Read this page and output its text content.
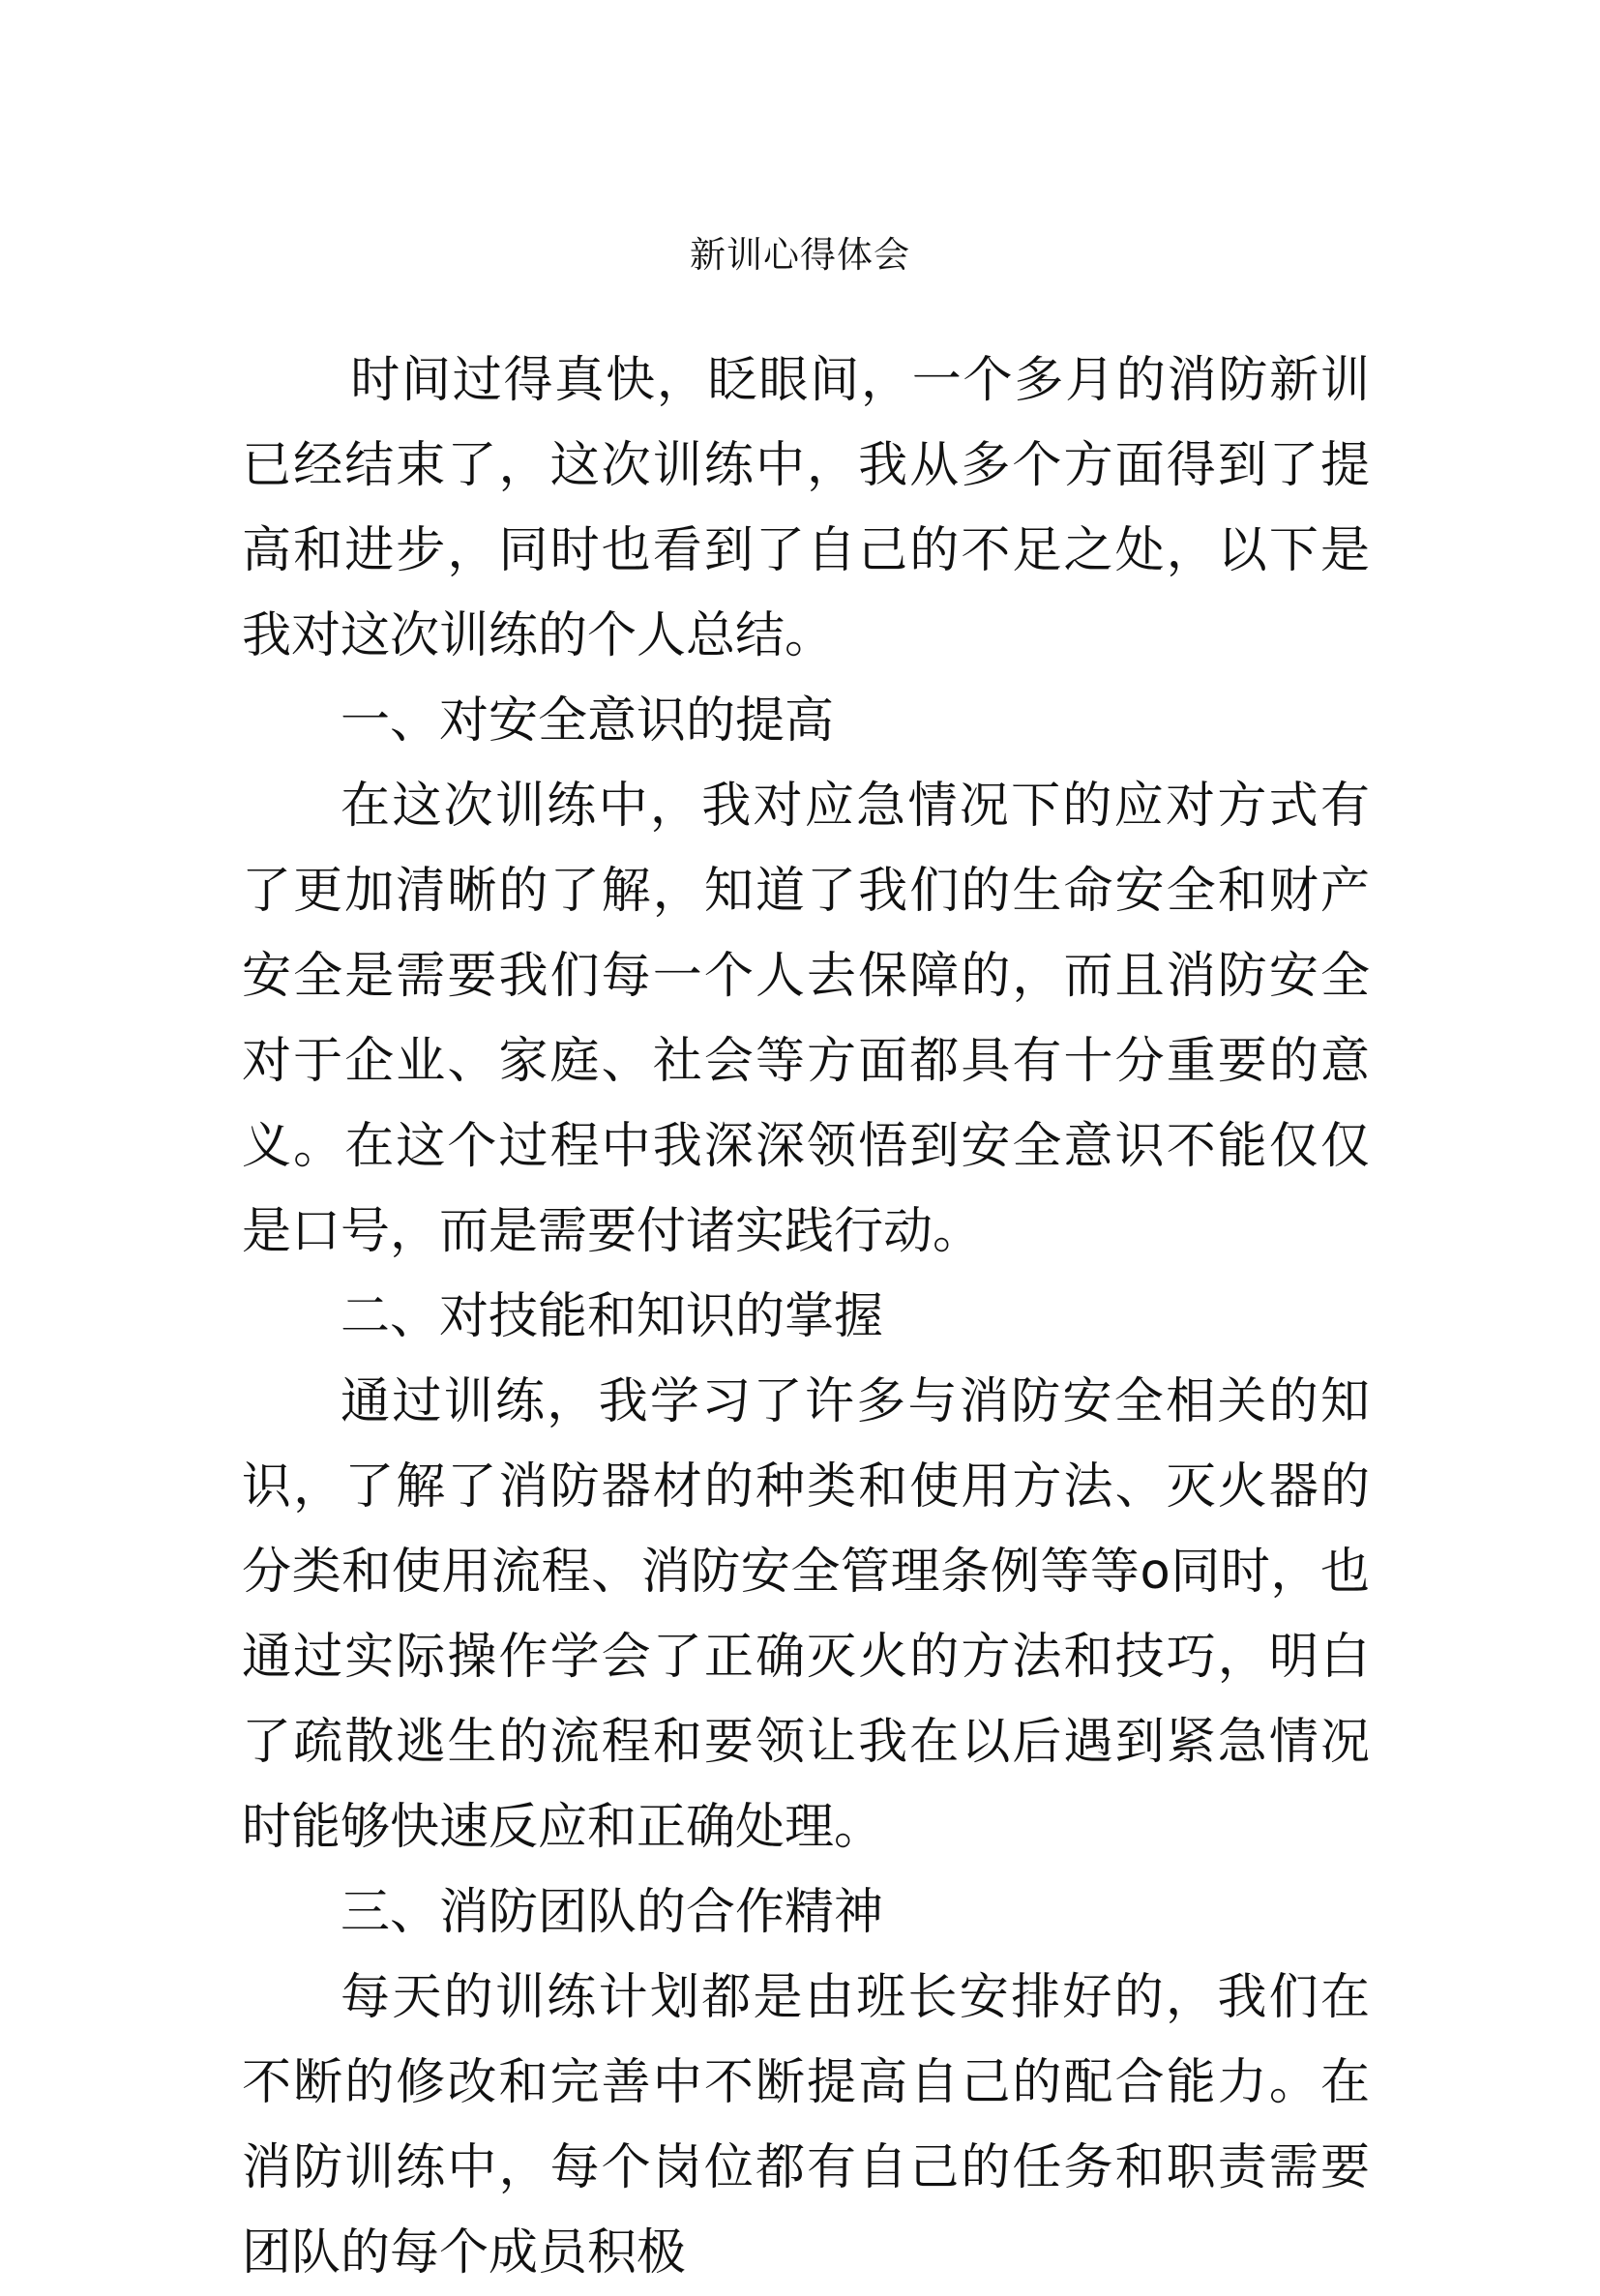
新训心得体会

时间过得真快，眨眼间，一个多月的消防新训已经结束了，这次训练中，我从多个方面得到了提高和进步，同时也看到了自己的不足之处，以下是我对这次训练的个人总结。

一、对安全意识的提高

在这次训练中，我对应急情况下的应对方式有了更加清晰的了解，知道了我们的生命安全和财产安全是需要我们每一个人去保障的，而且消防安全对于企业、家庭、社会等方面都具有十分重要的意义。在这个过程中我深深领悟到安全意识不能仅仅是口号，而是需要付诸实践行动。

二、对技能和知识的掌握

通过训练，我学习了许多与消防安全相关的知识，了解了消防器材的种类和使用方法、灭火器的分类和使用流程、消防安全管理条例等等o同时，也通过实际操作学会了正确灭火的方法和技巧，明白了疏散逃生的流程和要领让我在以后遇到紧急情况时能够快速反应和正确处理。

三、消防团队的合作精神

每天的训练计划都是由班长安排好的，我们在不断的修改和完善中不断提高自己的配合能力。在消防训练中，每个岗位都有自己的任务和职责需要团队的每个成员积极
